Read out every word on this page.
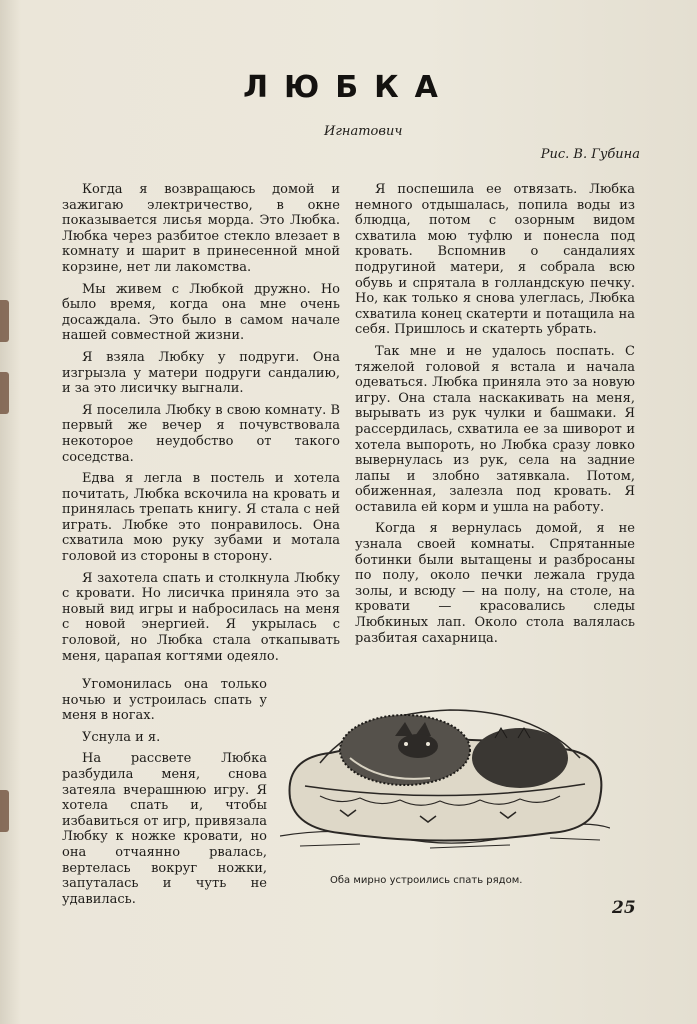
ЛЮБКА
Игнатович
Рис. В. Губина

Когда я возвращаюсь домой и зажигаю электричество, в окне показывается лисья морда. Это Любка. Любка через разбитое стекло влезает в комнату и шарит в принесенной мной корзине, нет ли лакомства.

Мы живем с Любкой дружно. Но было время, когда она мне очень досаждала. Это было в самом начале нашей совместной жизни.

Я взяла Любку у подруги. Она изгрызла у матери подруги сандалию, и за это лисичку выгнали.

Я поселила Любку в свою комнату. В первый же вечер я почувствовала некоторое неудобство от такого соседства.

Едва я легла в постель и хотела почитать, Любка вскочила на кровать и принялась трепать книгу. Я стала с ней играть. Любке это понравилось. Она схватила мою руку зубами и мотала головой из стороны в сторону.

Я захотела спать и столкнула Любку с кровати. Но лисичка приняла это за новый вид игры и набросилась на меня с новой энергией. Я укрылась с головой, но Любка стала откапывать меня, царапая когтями одеяло.

Угомонилась она только ночью и устроилась спать у меня в ногах.

Уснула и я.

На рассвете Любка разбудила меня, снова затеяла вчерашнюю игру. Я хотела спать и, чтобы избавиться от игр, привязала Любку к ножке кровати, но она отчаянно рвалась, вертелась вокруг ножки, запуталась и чуть не удавилась.

Я поспешила ее отвязать. Любка немного отдышалась, попила воды из блюдца, потом с озорным видом схватила мою туфлю и понесла под кровать. Вспомнив о сандалиях подругиной матери, я собрала всю обувь и спрятала в голландскую печку. Но, как только я снова улеглась, Любка схватила конец скатерти и потащила на себя. Пришлось и скатерть убрать.

Так мне и не удалось поспать. С тяжелой головой я встала и начала одеваться. Любка приняла это за новую игру. Она стала наскакивать на меня, вырывать из рук чулки и башмаки. Я рассердилась, схватила ее за шиворот и хотела выпороть, но Любка сразу ловко вывернулась из рук, села на задние лапы и злобно затявкала. Потом, обиженная, залезла под кровать. Я оставила ей корм и ушла на работу.

Когда я вернулась домой, я не узнала своей комнаты. Спрятанные ботинки были вытащены и разбросаны по полу, около печки лежала груда золы, и всюду — на полу, на столе, на кровати — красовались следы Любкиных лап. Около стола валялась разбитая сахарница.

Оба мирно устроились спать рядом.
25
